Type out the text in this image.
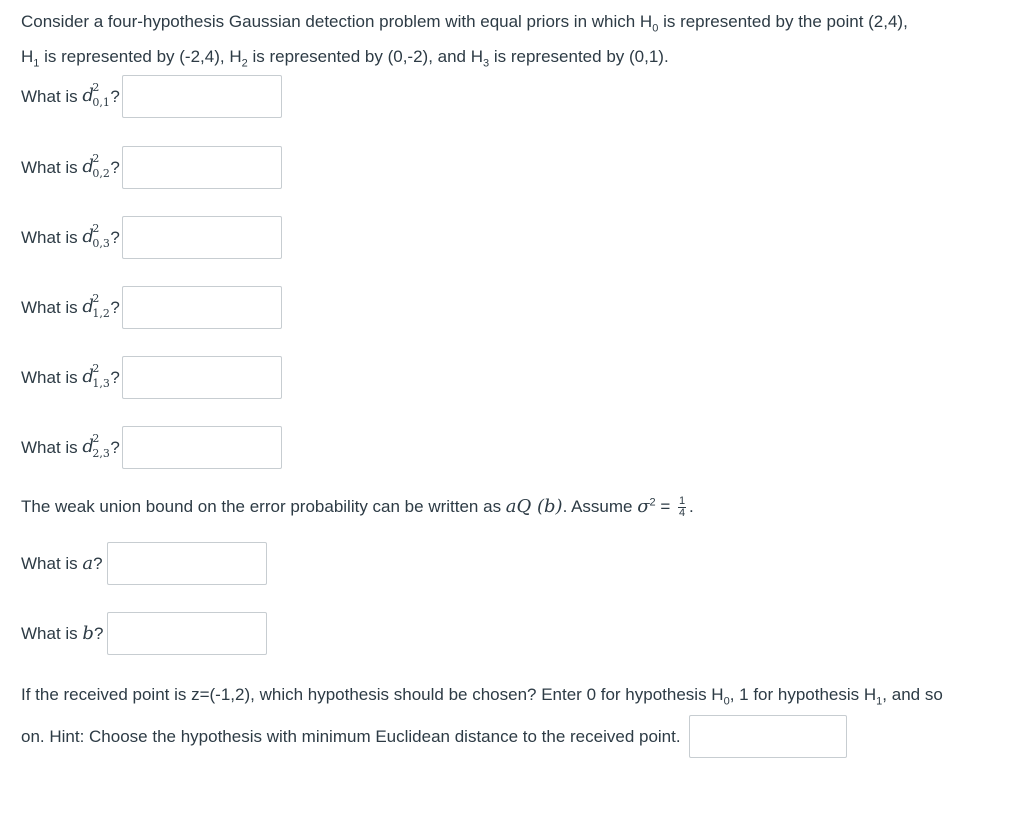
Consider a four-hypothesis Gaussian detection problem with equal priors in which $H_0$ is represented by the point (2,4),
$H_1$ is represented by (-2,4), $H_2$ is represented by (0,-2), and $H_3$ is represented by (0,1).
What is d
2
0,1 ?
What is d
2
0,2 ?
What is d
2
0,3 ?
What is d
2
1,2 ?
What is d
2
1,3 ?
What is d
2
2,3 ?
The weak union bound on the error probability can be written as aQ (b). Assume $\sigma^2 = \frac{1}{4}$ .
What is a?
What is b?
If the received point is z=(-1,2), which hypothesis should be chosen? Enter 0 for hypothesis $H_0$, 1 for hypothesis $H_1$, and so
on. Hint: Choose the hypothesis with minimum Euclidean distance to the received point.
